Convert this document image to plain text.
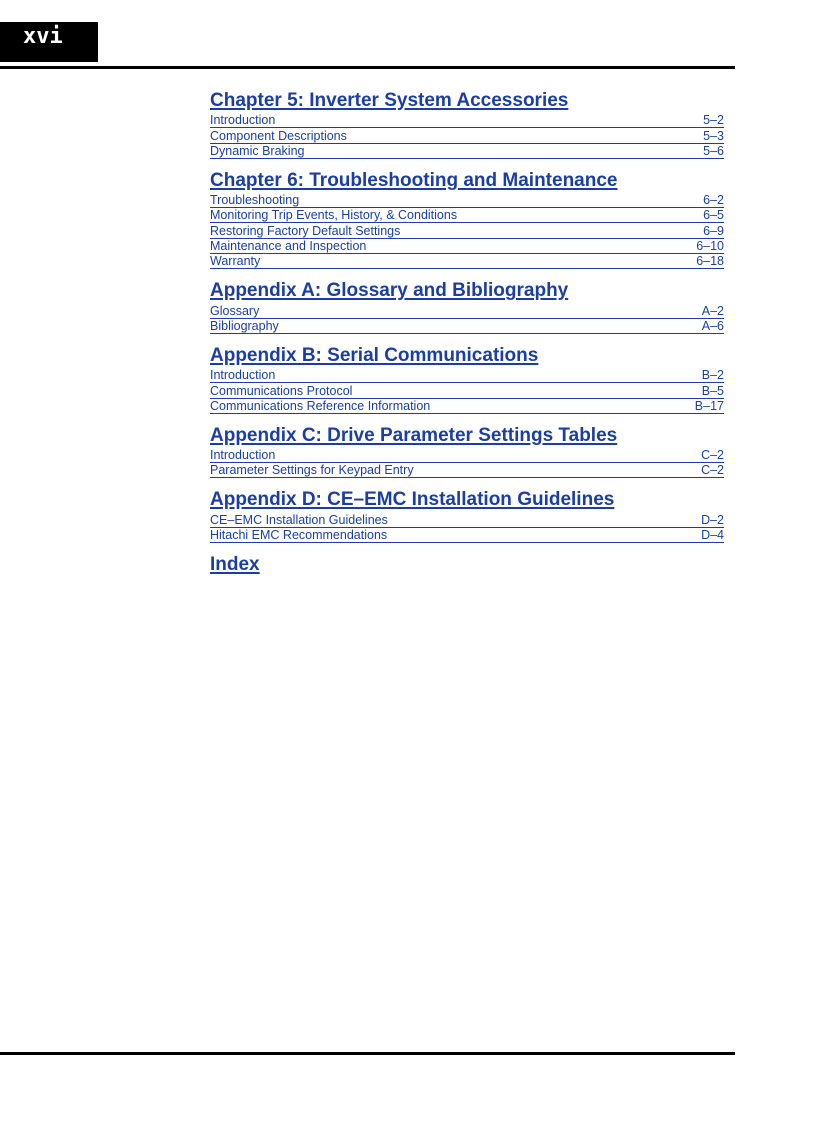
xvi
Chapter 5: Inverter System Accessories
Introduction	5–2
Component Descriptions	5–3
Dynamic Braking	5–6
Chapter 6: Troubleshooting and Maintenance
Troubleshooting	6–2
Monitoring Trip Events, History, & Conditions	6–5
Restoring Factory Default Settings	6–9
Maintenance and Inspection	6–10
Warranty	6–18
Appendix A: Glossary and Bibliography
Glossary	A–2
Bibliography	A–6
Appendix B: Serial Communications
Introduction	B–2
Communications Protocol	B–5
Communications Reference Information	B–17
Appendix C: Drive Parameter Settings Tables
Introduction	C–2
Parameter Settings for Keypad Entry	C–2
Appendix D: CE–EMC Installation Guidelines
CE–EMC Installation Guidelines	D–2
Hitachi EMC Recommendations	D–4
Index
